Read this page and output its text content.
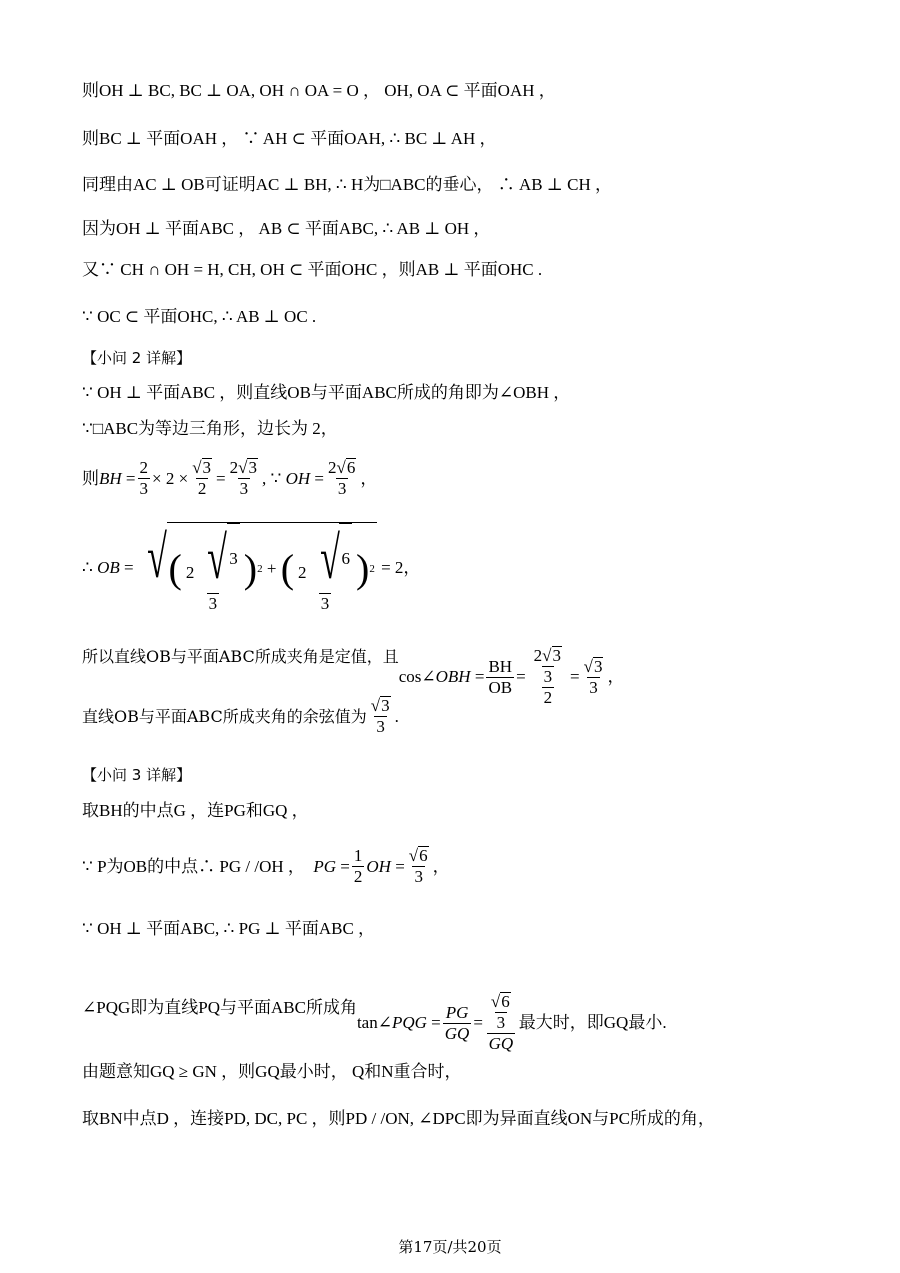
则OH ⊥ BC, BC ⊥ OA, OH ∩ OA = O ， OH, OA ⊂ 平面OAH ，
则BC ⊥ 平面OAH ， ∵ AH ⊂ 平面OAH, ∴ BC ⊥ AH ，
同理由AC ⊥ OB可证明AC ⊥ BH, ∴ H为□ABC的垂心， ∴ AB ⊥ CH ，
因为OH ⊥ 平面ABC ， AB ⊂ 平面ABC, ∴ AB ⊥ OH ，
又∵ CH ∩ OH = H, CH, OH ⊂ 平面OHC ，则AB ⊥ 平面OHC .
∵ OC ⊂ 平面OHC, ∴ AB ⊥ OC .
【小问 2 详解】
∵ OH ⊥ 平面ABC ，则直线OB与平面ABC所成的角即为∠OBH ，
∵□ABC为等边三角形，边长为 2，
则 BH
= $\frac{2}{3} \times 2 \times \frac{√ 3}{2} = \frac{2 √ 3}{3}$ , ∵ OH
= $\frac{2 √ 6}{3}$ ，
∴ OB
= √ ( $\frac{2 √ 3}{3}$ ) 2 + ( $\frac{2 √ 6}{3}$ ) 2 = 2，
所以直线OB与平面ABC所成夹角是定值，且
cos∠ OBH
= $\frac{BH}{OB} = \frac{\frac{2 √ 3}{3}}{2} = \frac{√ 3}{3}$ ，
直线OB与平面ABC所成夹角的余弦值为 $\frac{√ 3}{3}$ .
【小问 3 详解】
取BH的中点G ，连PG和GQ ，
∵ P为OB的中点∴ PG / /OH ，
PG
= $\frac{1}{2}$ OH
= $\frac{√ 6}{3}$ ，
∵ OH ⊥ 平面ABC, ∴ PG ⊥ 平面ABC ，
∠PQG即为直线PQ与平面ABC所成角
tan∠ PQG
= $\frac{PG}{GQ} = \frac{\frac{√ 6}{3}}{GQ}$ 最大时，即GQ最小.
由题意知GQ ≥ GN ，则GQ最小时， Q和N重合时，
取BN中点D ，连接PD, DC, PC ，则PD / /ON, ∠DPC即为异面直线ON与PC所成的角，
第17页/共20页
